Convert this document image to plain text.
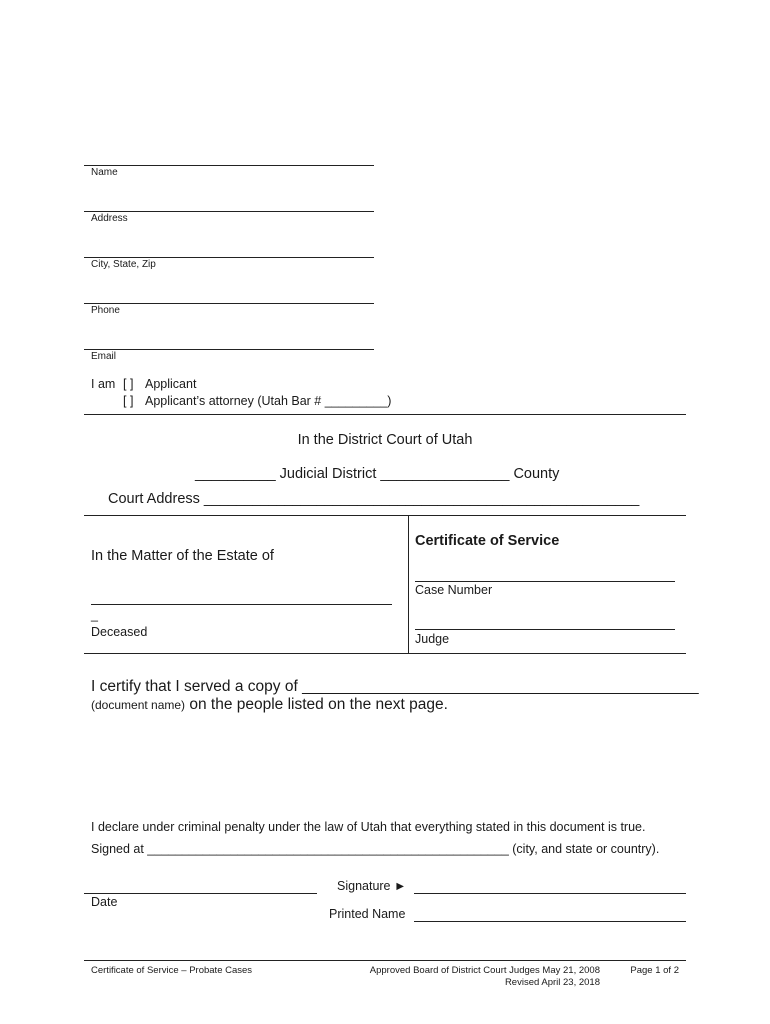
Name
Address
City, State, Zip
Phone
Email
I am [ ] Applicant
[ ] Applicant’s attorney (Utah Bar # _________)
In the District Court of Utah
__________ Judicial District ________________ County
Court Address ______________________________________________________
In the Matter of the Estate of
_
Deceased
Certificate of Service
Case Number
Judge
I certify that I served a copy of ______________________________________________
(document name) on the people listed on the next page.
I declare under criminal penalty under the law of Utah that everything stated in this document is true.
Signed at ____________________________________________________ (city, and state or country).
Date
Signature ►
Printed Name
Certificate of Service – Probate Cases	Approved Board of District Court Judges May 21, 2008
Revised April 23, 2018
Page 1 of 2
